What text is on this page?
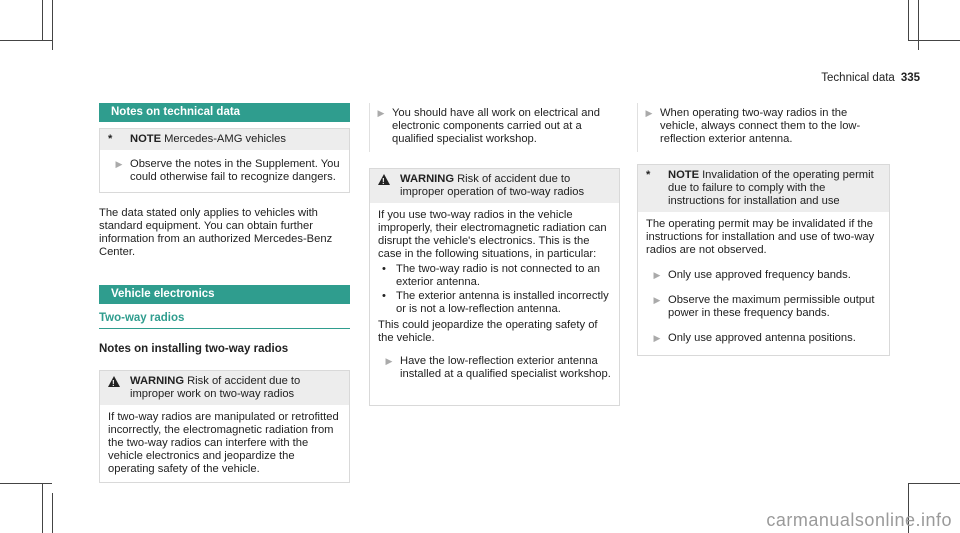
Technical data 335
Notes on technical data
*	NOTE Mercedes-AMG vehicles
▶ Observe the notes in the Supplement. You could otherwise fail to recognize dangers.
The data stated only applies to vehicles with standard equipment. You can obtain further information from an authorized Mercedes-Benz Center.
Vehicle electronics
Two-way radios
Notes on installing two-way radios
!
WARNING Risk of accident due to improper work on two-way radios
If two-way radios are manipulated or retrofitted incorrectly, the electromagnetic radiation from the two-way radios can interfere with the vehicle electronics and jeopardize the operating safety of the vehicle.
▶ You should have all work on electrical and electronic components carried out at a qualified specialist workshop.
!
WARNING Risk of accident due to improper operation of two-way radios
If you use two-way radios in the vehicle improperly, their electromagnetic radiation can disrupt the vehicle's electronics. This is the case in the following situations, in particular:
• The two-way radio is not connected to an exterior antenna.
• The exterior antenna is installed incorrectly or is not a low-reflection antenna.
This could jeopardize the operating safety of the vehicle.
▶ Have the low-reflection exterior antenna installed at a qualified specialist workshop.
▶ When operating two-way radios in the vehicle, always connect them to the low-reflection exterior antenna.
*	NOTE Invalidation of the operating permit due to failure to comply with the instructions for installation and use
The operating permit may be invalidated if the instructions for installation and use of two-way radios are not observed.
▶ Only use approved frequency bands.
▶ Observe the maximum permissible output power in these frequency bands.
▶ Only use approved antenna positions.
carmanualsonline.info
